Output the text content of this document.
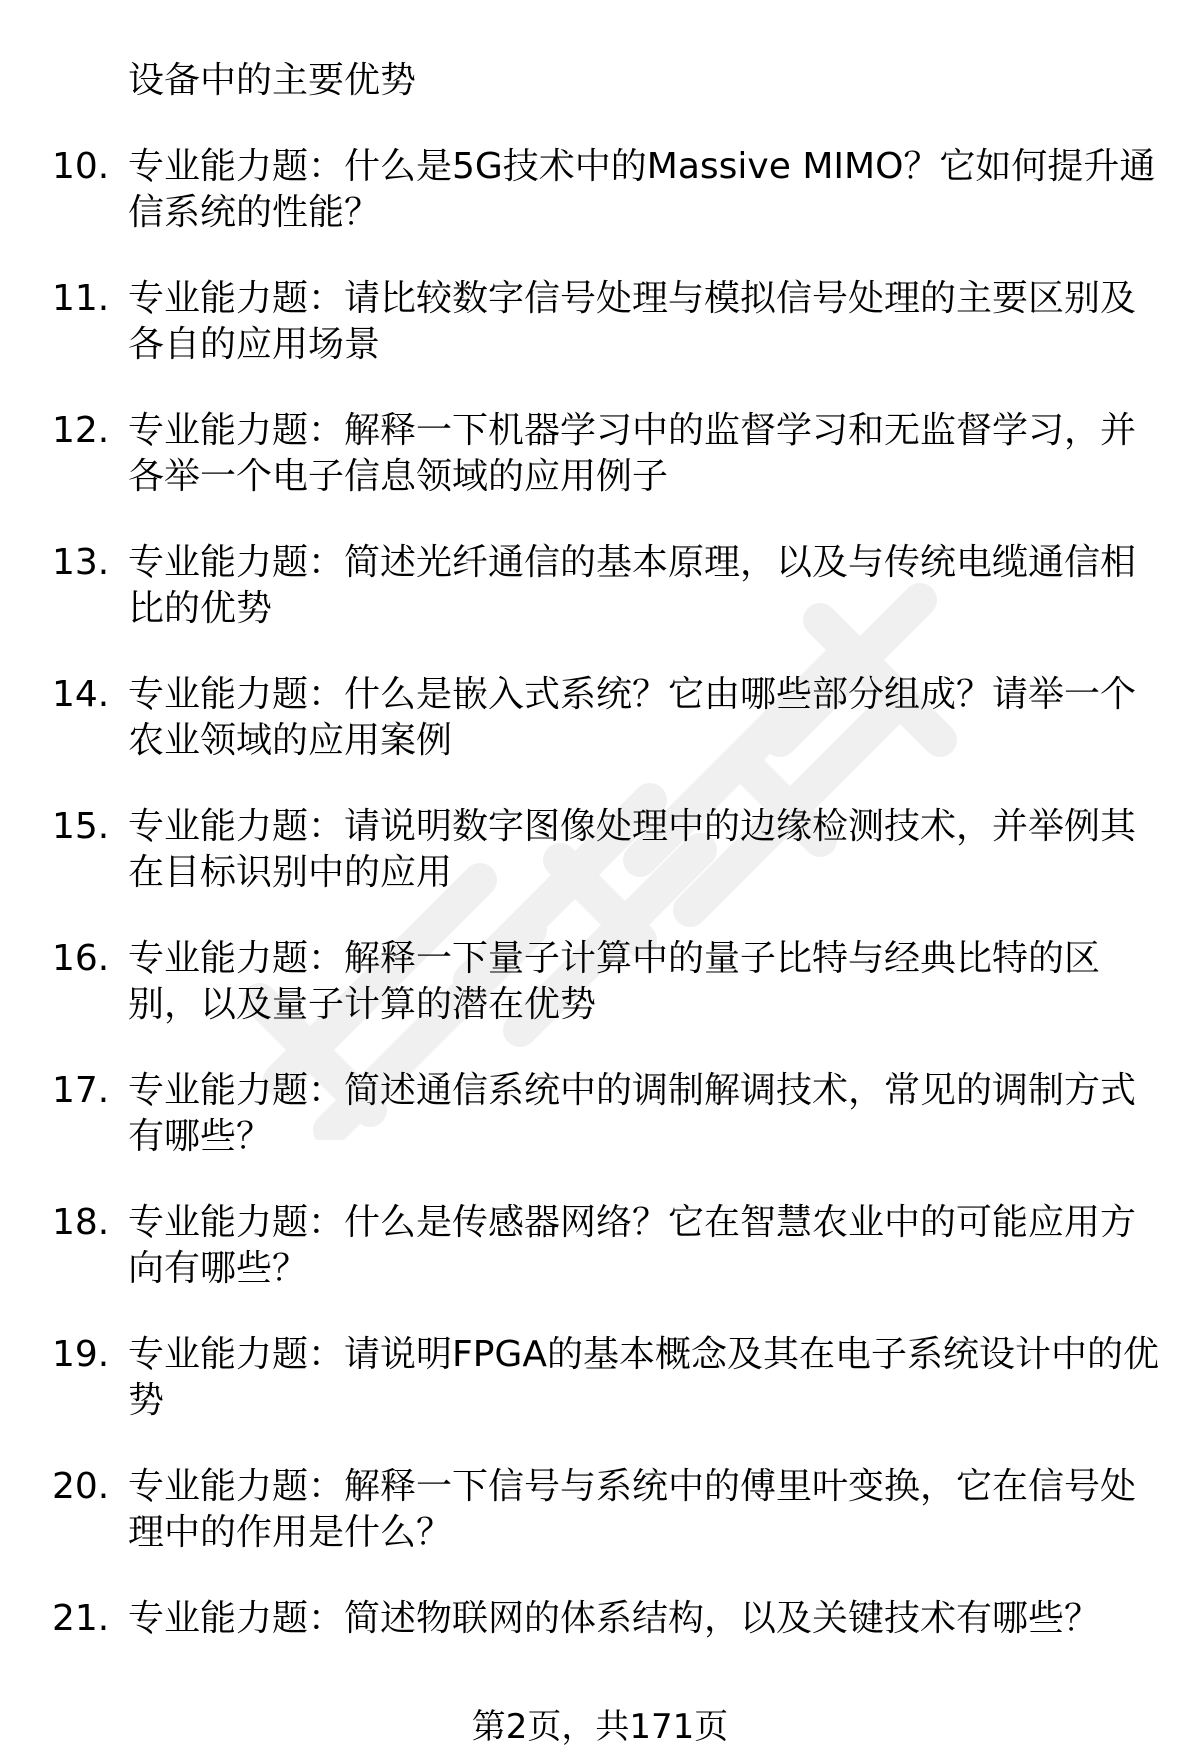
设备中的主要优势
10. 专业能力题：什么是5G技术中的Massive MIMO？它如何提升通
信系统的性能？
11. 专业能力题：请比较数字信号处理与模拟信号处理的主要区别及
各自的应用场景
12. 专业能力题：解释一下机器学习中的监督学习和无监督学习，并
各举一个电子信息领域的应用例子
13. 专业能力题：简述光纤通信的基本原理，以及与传统电缆通信相
比的优势
14. 专业能力题：什么是嵌入式系统？它由哪些部分组成？请举一个
农业领域的应用案例
15. 专业能力题：请说明数字图像处理中的边缘检测技术，并举例其
在目标识别中的应用
16. 专业能力题：解释一下量子计算中的量子比特与经典比特的区
别，以及量子计算的潜在优势
17. 专业能力题：简述通信系统中的调制解调技术，常见的调制方式
有哪些？
18. 专业能力题：什么是传感器网络？它在智慧农业中的可能应用方
向有哪些？
19. 专业能力题：请说明FPGA的基本概念及其在电子系统设计中的优
势
20. 专业能力题：解释一下信号与系统中的傅里叶变换，它在信号处
理中的作用是什么？
21. 专业能力题：简述物联网的体系结构，以及关键技术有哪些？
第2页，共171页
